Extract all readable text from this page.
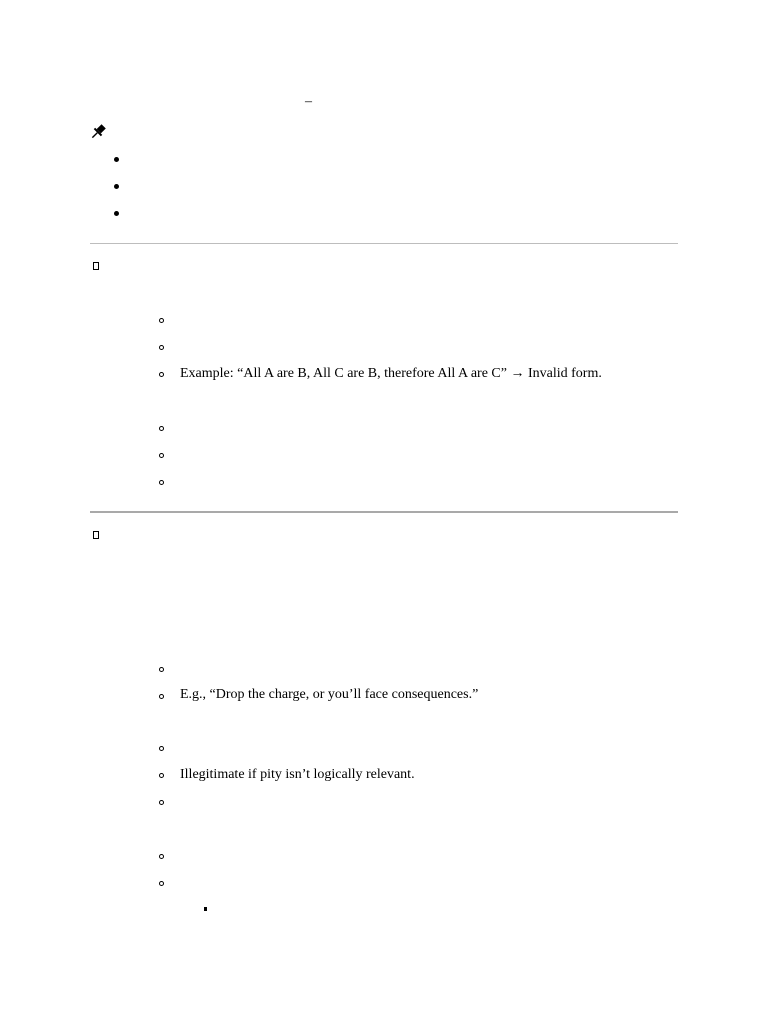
–
Example: “All A are B, All C are B, therefore All A are C” → Invalid form.
E.g., “Drop the charge, or you’ll face consequences.”
Illegitimate if pity isn’t logically relevant.
